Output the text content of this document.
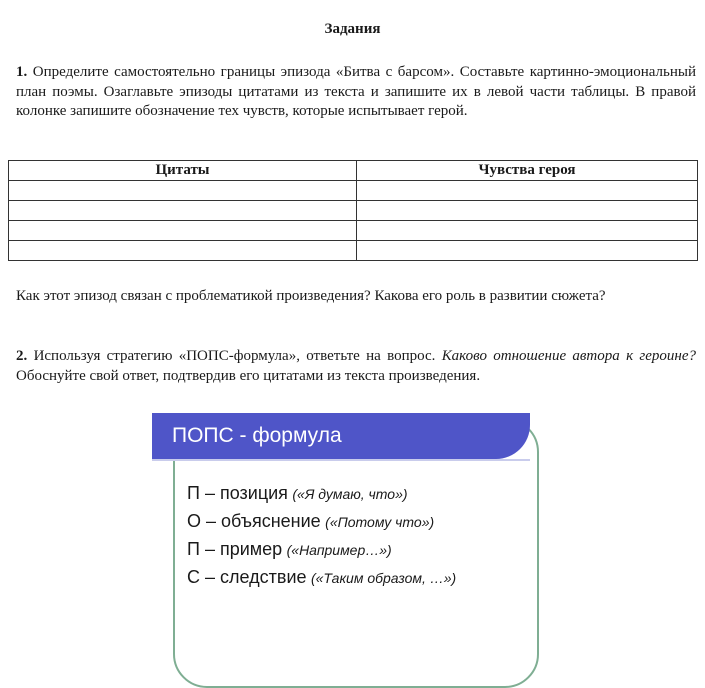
Задания
1. Определите самостоятельно границы эпизода «Битва с барсом». Составьте картинно-эмоциональный план поэмы. Озаглавьте эпизоды цитатами из текста и запишите их в левой части таблицы. В правой колонке запишите обозначение тех чувств, которые испытывает герой.
Цитаты	Чувства героя

Как этот эпизод связан с проблематикой произведения? Какова его роль в развитии сюжета?
2. Используя стратегию «ПОПС-формула», ответьте на вопрос. Каково отношение автора к героине? Обоснуйте свой ответ, подтвердив его цитатами из текста произведения.
ПОПС - формула
П – позиция («Я думаю, что»)
О – объяснение («Потому что»)
П – пример («Например…»)
С – следствие («Таким образом, …»)
